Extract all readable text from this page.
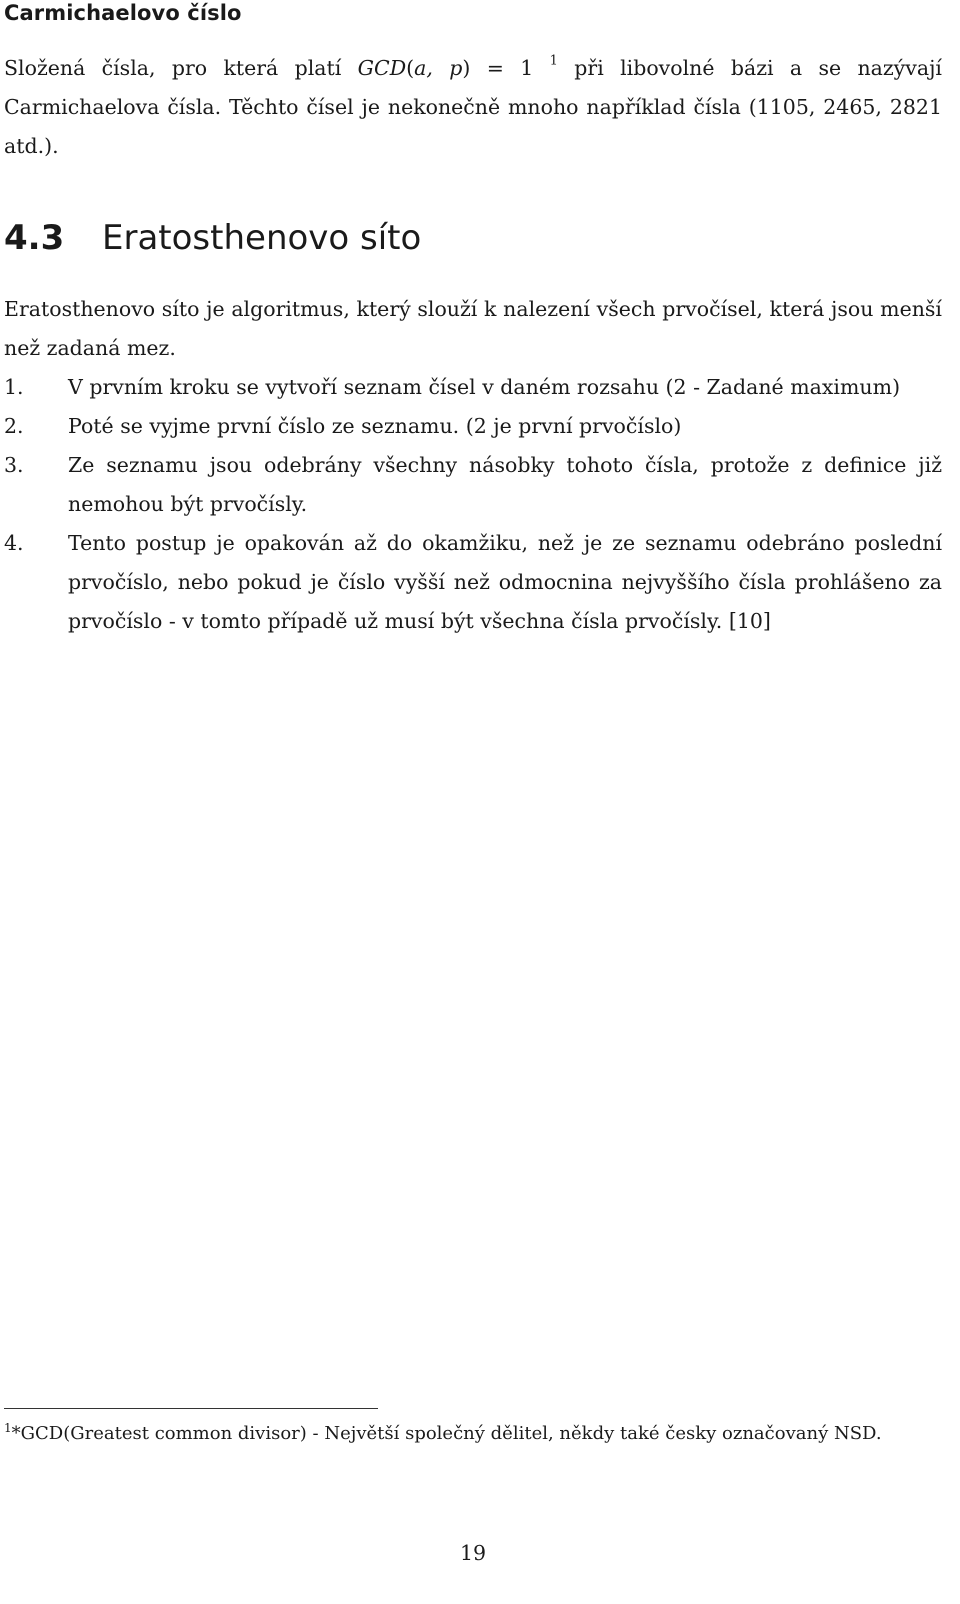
Carmichaelovo číslo

Složená čísla, pro která platí GCD(a, p) = 1 $^1$ při libovolné bázi a se nazývají Carmichaelova čísla. Těchto čísel je nekonečně mnoho například čísla (1105, 2465, 2821 atd.).

4.3 Eratosthenovo síto

Eratosthenovo síto je algoritmus, který slouží k nalezení všech prvočísel, která jsou menší než zadaná mez.

1. V prvním kroku se vytvoří seznam čísel v daném rozsahu (2 - Zadané maximum)
2. Poté se vyjme první číslo ze seznamu. (2 je první prvočíslo)
3. Ze seznamu jsou odebrány všechny násobky tohoto čísla, protože z definice již nemohou být prvočísly.
4. Tento postup je opakován až do okamžiku, než je ze seznamu odebráno poslední prvočíslo, nebo pokud je číslo vyšší než odmocnina nejvyššího čísla prohlášeno za prvočíslo - v tomto případě už musí být všechna čísla prvočísly. [10]

$^1$*GCD(Greatest common divisor) - Největší společný dělitel, někdy také česky označovaný NSD.

19
